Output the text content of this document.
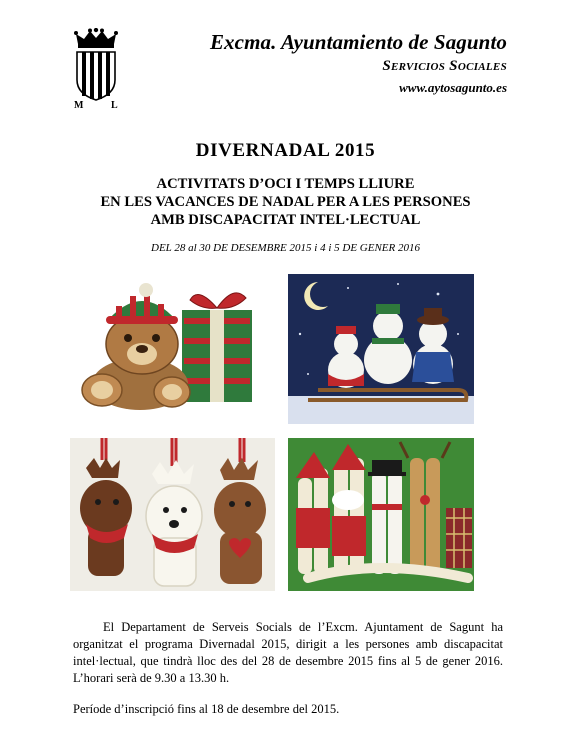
M	L
Excma. Ayuntamiento de Sagunto
Servicios Sociales
www.aytosagunto.es
DIVERNADAL 2015
ACTIVITATS D’OCI I TEMPS LLIURE
EN LES VACANCES DE NADAL PER A LES PERSONES
AMB DISCAPACITAT INTEL·LECTUAL
DEL 28 al 30 DE DESEMBRE 2015 i 4 i 5 DE GENER 2016
El Departament de Serveis Socials de l’Excm. Ajuntament de Sagunt ha organitzat el programa Divernadal 2015, dirigit a les persones amb discapacitat intel·lectual, que tindrà lloc des del 28 de desembre 2015 fins al 5 de gener 2016. L’horari serà de 9.30 a 13.30 h.
Període d’inscripció fins al 18 de desembre del 2015.
